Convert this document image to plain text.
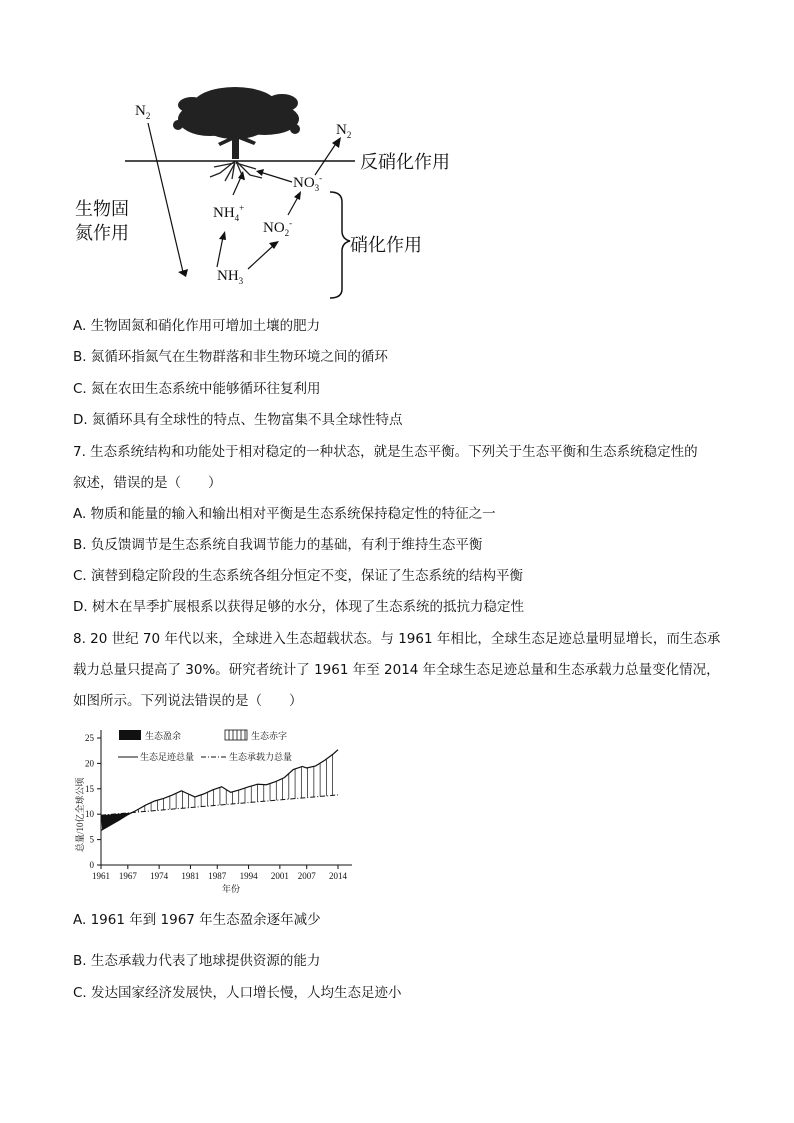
$N_2$
$N_2$
反硝化作用
$NO_3^-$
生物固
氮作用
$NH_4^+$
$NO_2^-$
硝化作用
$NH_3$
A. 生物固氮和硝化作用可增加土壤的肥力
B. 氮循环指氮气在生物群落和非生物环境之间的循环
C. 氮在农田生态系统中能够循环往复利用
D. 氮循环具有全球性的特点、生物富集不具全球性特点
7. 生态系统结构和功能处于相对稳定的一种状态，就是生态平衡。下列关于生态平衡和生态系统稳定性的
叙述，错误的是（　　）
A. 物质和能量的输入和输出相对平衡是生态系统保持稳定性的特征之一
B. 负反馈调节是生态系统自我调节能力的基础，有利于维持生态平衡
C. 演替到稳定阶段的生态系统各组分恒定不变，保证了生态系统的结构平衡
D. 树木在旱季扩展根系以获得足够的水分，体现了生态系统的抵抗力稳定性
8. 20 世纪 70 年代以来，全球进入生态超载状态。与 1961 年相比，全球生态足迹总量明显增长，而生态承
载力总量只提高了 30%。研究者统计了 1961 年至 2014 年全球生态足迹总量和生态承载力总量变化情况，
如图所示。下列说法错误的是（　　）
0
5
10
15
20
25
1961 1967 1974 1981 1987 1994 2001 2007 2014
生态盈余	生态赤字
生态足迹总量	生态承载力总量
总量/10亿全球公顷
年份
A. 1961 年到 1967 年生态盈余逐年减少
B. 生态承载力代表了地球提供资源的能力
C. 发达国家经济发展快，人口增长慢，人均生态足迹小
